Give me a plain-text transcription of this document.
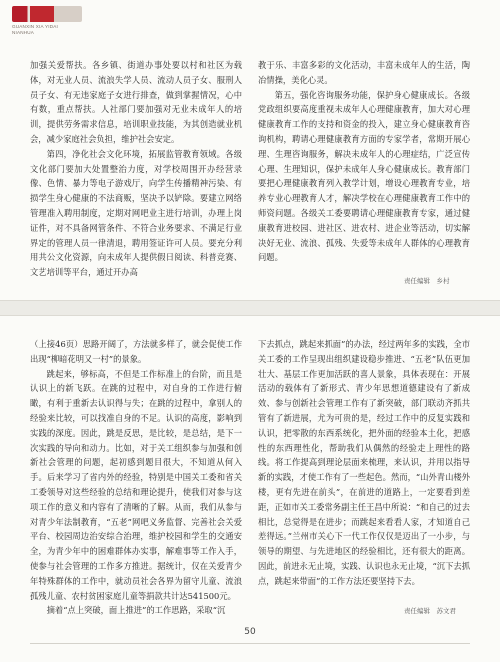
GUANXIN XIA YIDAI
NIANHUA

加强关爱帮扶。各乡镇、街道办事处要以村和社区为载体，对无业人员、流浪失学人员、流动人员子女、服刑人员子女、有无违家庭子女进行排查，做到掌握情况，心中有数，重点帮扶。人社部门要加强对无业未成年人的培训，提供劳务需求信息，培训职业技能，为其创造就业机会，减少家庭社会负担，维护社会安定。

第四，净化社会文化环境，拓展监管教育领域。各级文化部门要加大处置整治力度，对学校周围开办经营录像、色情、暴力等电子游戏厅，向学生传播精神污染、有损学生身心健康的不法商贩，坚决予以铲除。要建立网络管理准入聘用制度，定期对网吧业主进行培训，办理上岗证件，对不具备网管条件、不符合业务要求、不满足行业界定的管理人员一律清退，聘用签证许可人员。要充分利用共公文化资源，向未成年人提供假日阅读、科普竞赛、文艺培训等平台，通过开办高

教于乐、丰富多彩的文化活动，丰富未成年人的生活，陶冶情操，美化心灵。

第五，强化咨询服务功能，保护身心健康成长。各级党政组织要高度重视未成年人心理健康教育，加大对心理健康教育工作的支持和资金的投入，建立身心健康教育咨询机构，聘请心理健康教育方面的专家学者，常期开展心理、生理咨询服务，解决未成年人的心理症结，广泛宣传心理、生理知识，保护未成年人身心健康成长。教育部门要把心理健康教育列入教学计划，增设心理教育专业，培养专业心理教育人才，解决学校在心理健康教育工作中的师资问题。各级关工委要聘请心理健康教育专家，通过健康教育进校园、进社区、进农村、进企业等活动，切实解决好无业、流浪、孤残、失爱等未成年人群体的心理教育问题。

责任编辑　乡村

（上接46页）思路开阔了，方法就多样了，就会促使工作出现“柳暗花明又一村”的景象。

跳起来，够标高，不但是工作标准上的台阶，而且是认识上的新飞跃。在跳的过程中，对自身的工作进行俯瞰，有利于重新去认识得与失；在跳的过程中，拿别人的经验来比较，可以找准自身的不足。认识的高度，影响到实践的深度。因此，跳是反思，是比较，是总结，是下一次实践的导向和动力。比如，对于关工组织参与加强和创新社会管理的问题，起初感到题目很大，不知道从何入手。后来学习了省内外的经验，特别是中国关工委和省关工委领导对这些经验的总结和理论提升，使我们对参与这项工作的意义和内容有了清晰的了解。从而，我们从参与对青少年法制教育，“五老”网吧义务监督、完善社会关爱平台、校园周边治安综合治理，维护校园和学生的交通安全，为青少年中的困难群体办实事，解难事等工作入手，使参与社会管理的工作多方推进。据统计，仅在关爱青少年特殊群体的工作中，就动员社会各界为留守儿童、流浪孤残儿童、农村贫困家庭儿童等捐款共计达541500元。

摘着“点上突破，面上推进”的工作思路，采取“沉

下去抓点，跳起来抓面”的办法，经过两年多的实践，全市关工委的工作呈现出组织建设稳步推进、“五老”队伍更加壮大、基层工作更加活跃的喜人景象，具体表现在：开展活动的载体有了新形式、青少年思想道德建设有了新成效、参与创新社会管理工作有了新突破，部门联动齐抓共管有了新进展，尤为可贵的是，经过工作中的反复实践和认识，把零散的东西系统化，把外面的经验本土化，把感性的东西理性化，帮助我们从偶然的经验走上理性的路线。将工作提高到理论层面来梳理，来认识，并用以指导新的实践，才使工作有了一些起色。然而，“山外青山楼外楼，更有先进在前头”，在前进的道路上，一定要看到差距，正如市关工委常务副主任王昌中所说：“和自己的过去相比，总觉得是在进步；而跳起来看看人家，才知道自己差得远。”兰州市关心下一代工作仅仅是迈出了一小步，与领导的期望、与先进地区的经验相比，还有很大的距离。因此，前进永无止境，实践、认识也永无止境，“沉下去抓点，跳起来带面”的工作方法还要坚持下去。

责任编辑　苏文君
50
